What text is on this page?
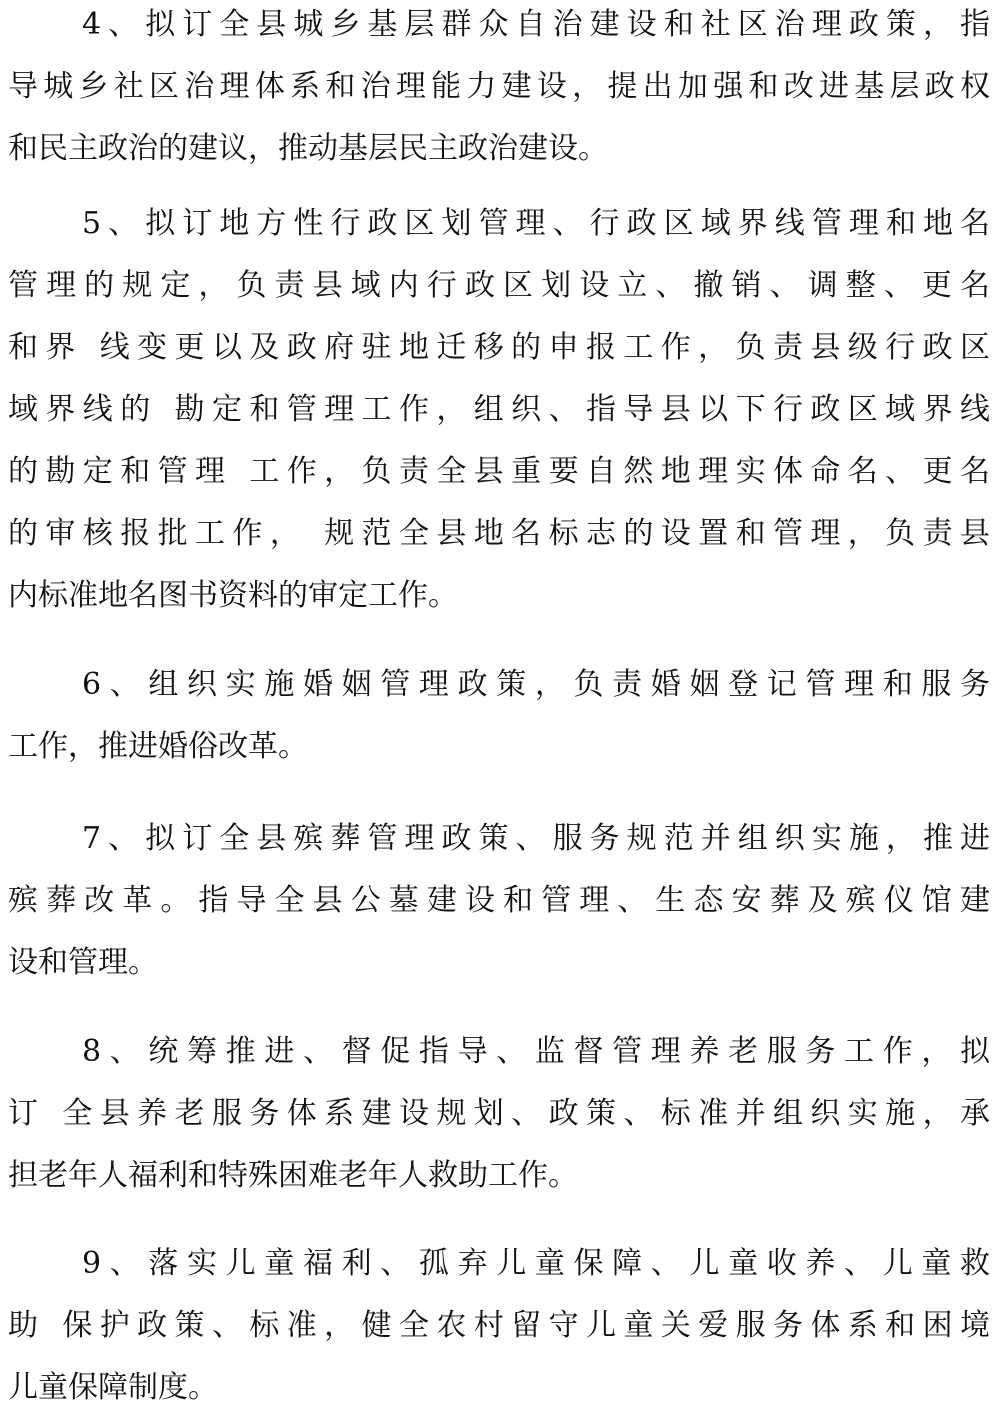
4、拟订全县城乡基层群众自治建设和社区治理政策，指
导城乡社区治理体系和治理能力建设，提出加强和改进基层政权
和民主政治的建议，推动基层民主政治建设。
5、拟订地方性行政区划管理、行政区域界线管理和地名
管理的规定，负责县域内行政区划设立、撤销、调整、更名
和界 线变更以及政府驻地迁移的申报工作，负责县级行政区
域界线的 勘定和管理工作，组织、指导县以下行政区域界线
的勘定和管理 工作，负责全县重要自然地理实体命名、更名
的审核报批工作， 规范全县地名标志的设置和管理，负责县
内标准地名图书资料的审定工作。
6、组织实施婚姻管理政策，负责婚姻登记管理和服务
工作，推进婚俗改革。
7、拟订全县殡葬管理政策、服务规范并组织实施，推进
殡葬改革。指导全县公墓建设和管理、生态安葬及殡仪馆建
设和管理。
8、统筹推进、督促指导、监督管理养老服务工作，拟
订 全县养老服务体系建设规划、政策、标准并组织实施，承
担老年人福利和特殊困难老年人救助工作。
9、落实儿童福利、孤弃儿童保障、儿童收养、儿童救
助 保护政策、标准，健全农村留守儿童关爱服务体系和困境
儿童保障制度。
